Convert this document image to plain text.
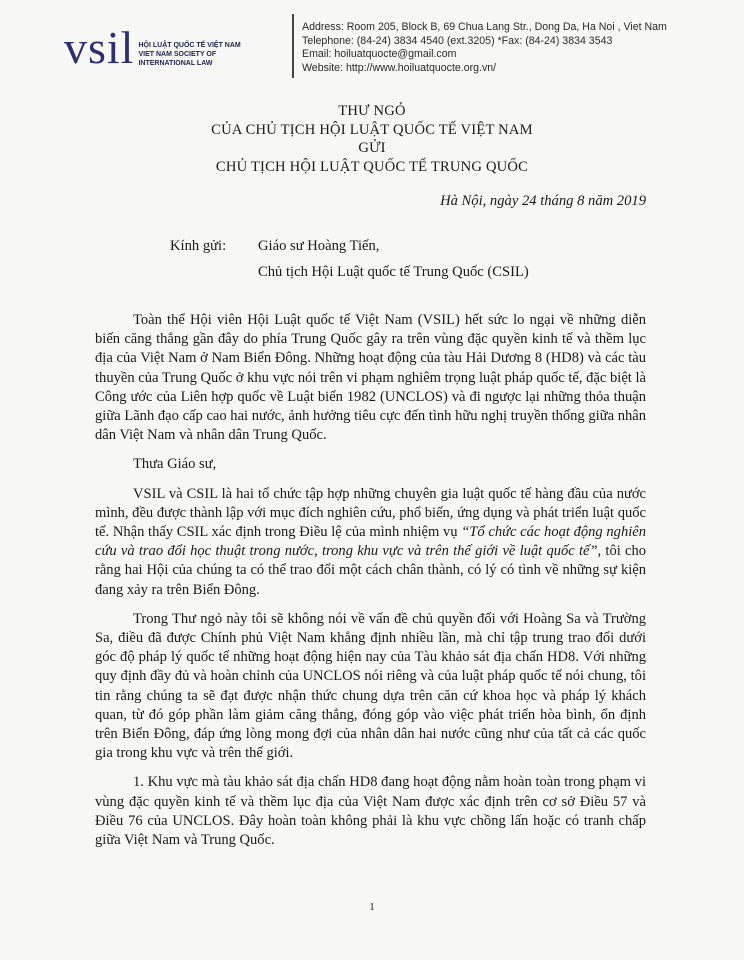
vsil HỘI LUẬT QUỐC TẾ VIỆT NAM
VIET NAM SOCIETY OF
INTERNATIONAL LAW
Address: Room 205, Block B, 69 Chua Lang Str., Dong Da, Ha Noi , Viet Nam
Telephone: (84-24) 3834 4540 (ext.3205) *Fax: (84-24) 3834 3543
Email: hoiluatquocte@gmail.com
Website: http://www.hoiluatquocte.org.vn/
THƯ NGỎ
CỦA CHỦ TỊCH HỘI LUẬT QUỐC TẾ VIỆT NAM
GỬI
CHỦ TỊCH HỘI LUẬT QUỐC TẾ TRUNG QUỐC
Hà Nội, ngày 24 tháng 8 năm 2019
Kính gửi:	Giáo sư Hoàng Tiến,
Chủ tịch Hội Luật quốc tế Trung Quốc (CSIL)

Toàn thể Hội viên Hội Luật quốc tế Việt Nam (VSIL) hết sức lo ngại về những diễn biến căng thẳng gần đây do phía Trung Quốc gây ra trên vùng đặc quyền kinh tế và thềm lục địa của Việt Nam ở Nam Biển Đông. Những hoạt động của tàu Hải Dương 8 (HD8) và các tàu thuyền của Trung Quốc ở khu vực nói trên vi phạm nghiêm trọng luật pháp quốc tế, đặc biệt là Công ước của Liên hợp quốc về Luật biển 1982 (UNCLOS) và đi ngược lại những thỏa thuận giữa Lãnh đạo cấp cao hai nước, ảnh hưởng tiêu cực đến tình hữu nghị truyền thống giữa nhân dân Việt Nam và nhân dân Trung Quốc.

Thưa Giáo sư,

VSIL và CSIL là hai tổ chức tập hợp những chuyên gia luật quốc tế hàng đầu của nước mình, đều được thành lập với mục đích nghiên cứu, phổ biến, ứng dụng và phát triển luật quốc tế. Nhận thấy CSIL xác định trong Điều lệ của mình nhiệm vụ “Tổ chức các hoạt động nghiên cứu và trao đổi học thuật trong nước, trong khu vực và trên thế giới về luật quốc tế”, tôi cho rằng hai Hội của chúng ta có thể trao đổi một cách chân thành, có lý có tình về những sự kiện đang xảy ra trên Biển Đông.

Trong Thư ngỏ này tôi sẽ không nói về vấn đề chủ quyền đối với Hoàng Sa và Trường Sa, điều đã được Chính phủ Việt Nam khẳng định nhiều lần, mà chỉ tập trung trao đổi dưới góc độ pháp lý quốc tế những hoạt động hiện nay của Tàu khảo sát địa chấn HD8. Với những quy định đầy đủ và hoàn chỉnh của UNCLOS nói riêng và của luật pháp quốc tế nói chung, tôi tin rằng chúng ta sẽ đạt được nhận thức chung dựa trên căn cứ khoa học và pháp lý khách quan, từ đó góp phần làm giảm căng thẳng, đóng góp vào việc phát triển hòa bình, ổn định trên Biển Đông, đáp ứng lòng mong đợi của nhân dân hai nước cũng như của tất cả các quốc gia trong khu vực và trên thế giới.

1. Khu vực mà tàu khảo sát địa chấn HD8 đang hoạt động nằm hoàn toàn trong phạm vi vùng đặc quyền kinh tế và thềm lục địa của Việt Nam được xác định trên cơ sở Điều 57 và Điều 76 của UNCLOS. Đây hoàn toàn không phải là khu vực chồng lấn hoặc có tranh chấp giữa Việt Nam và Trung Quốc.

1
